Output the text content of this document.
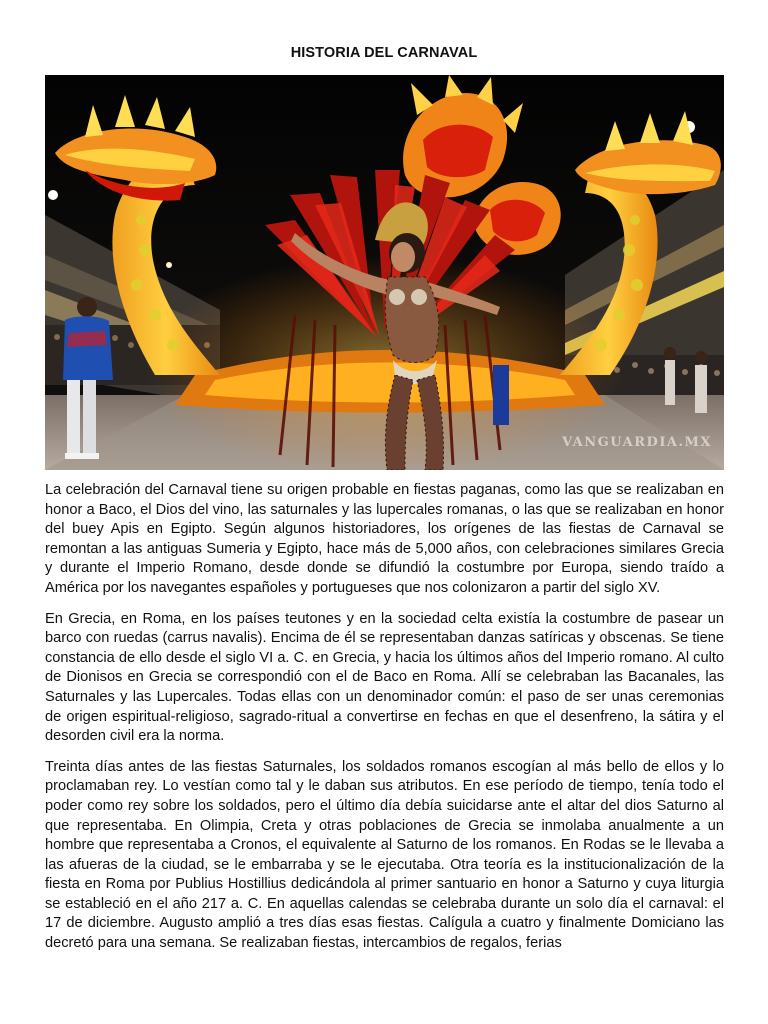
HISTORIA DEL CARNAVAL
VANGUARDIA.MX

La celebración del Carnaval tiene su origen probable en fiestas paganas, como las que se realizaban en honor a Baco, el Dios del vino, las saturnales y las lupercales romanas, o las que se realizaban en honor del buey Apis en Egipto. Según algunos historiadores, los orígenes de las fiestas de Carnaval se remontan a las antiguas Sumeria y Egipto, hace más de 5,000 años, con celebraciones similares Grecia y durante el Imperio Romano, desde donde se difundió la costumbre por Europa, siendo traído a América por los navegantes españoles y portugueses que nos colonizaron a partir del siglo XV.

En Grecia, en Roma, en los países teutones y en la sociedad celta existía la costumbre de pasear un barco con ruedas (carrus navalis). Encima de él se representaban danzas satíricas y obscenas. Se tiene constancia de ello desde el siglo VI a. C. en Grecia, y hacia los últimos años del Imperio romano. Al culto de Dionisos en Grecia se correspondió con el de Baco en Roma. Allí se celebraban las Bacanales, las Saturnales y las Lupercales. Todas ellas con un denominador común: el paso de ser unas ceremonias de origen espiritual-religioso, sagrado-ritual a convertirse en fechas en que el desenfreno, la sátira y el desorden civil era la norma.

Treinta días antes de las fiestas Saturnales, los soldados romanos escogían al más bello de ellos y lo proclamaban rey. Lo vestían como tal y le daban sus atributos. En ese período de tiempo, tenía todo el poder como rey sobre los soldados, pero el último día debía suicidarse ante el altar del dios Saturno al que representaba. En Olimpia, Creta y otras poblaciones de Grecia se inmolaba anualmente a un hombre que representaba a Cronos, el equivalente al Saturno de los romanos. En Rodas se le llevaba a las afueras de la ciudad, se le embarraba y se le ejecutaba. Otra teoría es la institucionalización de la fiesta en Roma por Publius Hostillius dedicándola al primer santuario en honor a Saturno y cuya liturgia se estableció en el año 217 a. C. En aquellas calendas se celebraba durante un solo día el carnaval: el 17 de diciembre. Augusto amplió a tres días esas fiestas. Calígula a cuatro y finalmente Domiciano las decretó para una semana. Se realizaban fiestas, intercambios de regalos, ferias
